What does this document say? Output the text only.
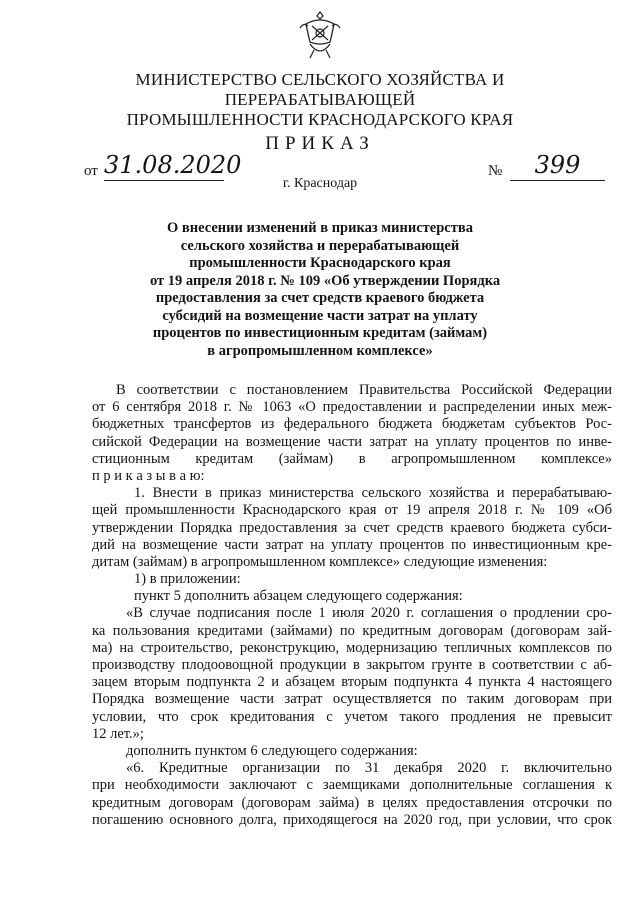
МИНИСТЕРСТВО СЕЛЬСКОГО ХОЗЯЙСТВА И ПЕРЕРАБАТЫВАЮЩЕЙ
ПРОМЫШЛЕННОСТИ КРАСНОДАРСКОГО КРАЯ
ПРИКАЗ
от 31.08.2020	№	399
г. Краснодар
О внесении изменений в приказ министерства
сельского хозяйства и перерабатывающей
промышленности Краснодарского края
от 19 апреля 2018 г. № 109 «Об утверждении Порядка
предоставления за счет средств краевого бюджета
субсидий на возмещение части затрат на уплату
процентов по инвестиционным кредитам (займам)
в агропромышленном комплексе»
В соответствии с постановлением Правительства Российской Федерации
от 6 сентября 2018 г. № 1063 «О предоставлении и распределении иных меж-
бюджетных трансфертов из федерального бюджета бюджетам субъектов Рос-
сийской Федерации на возмещение части затрат на уплату процентов по инве-
стиционным кредитам (займам) в агропромышленном комплексе»
п р и к а з ы в а ю:
1. Внести в приказ министерства сельского хозяйства и перерабатываю-
щей промышленности Краснодарского края от 19 апреля 2018 г. № 109 «Об
утверждении Порядка предоставления за счет средств краевого бюджета субси-
дий на возмещение части затрат на уплату процентов по инвестиционным кре-
дитам (займам) в агропромышленном комплексе» следующие изменения:
1) в приложении:
пункт 5 дополнить абзацем следующего содержания:
«В случае подписания после 1 июля 2020 г. соглашения о продлении сро-
ка пользования кредитами (займами) по кредитным договорам (договорам зай-
ма) на строительство, реконструкцию, модернизацию тепличных комплексов по
производству плодоовощной продукции в закрытом грунте в соответствии с аб-
зацем вторым подпункта 2 и абзацем вторым подпункта 4 пункта 4 настоящего
Порядка возмещение части затрат осуществляется по таким договорам при
условии, что срок кредитования с учетом такого продления не превысит
12 лет.»;
дополнить пунктом 6 следующего содержания:
«6. Кредитные организации по 31 декабря 2020 г. включительно
при необходимости заключают с заемщиками дополнительные соглашения к
кредитным договорам (договорам займа) в целях предоставления отсрочки по
погашению основного долга, приходящегося на 2020 год, при условии, что срок
